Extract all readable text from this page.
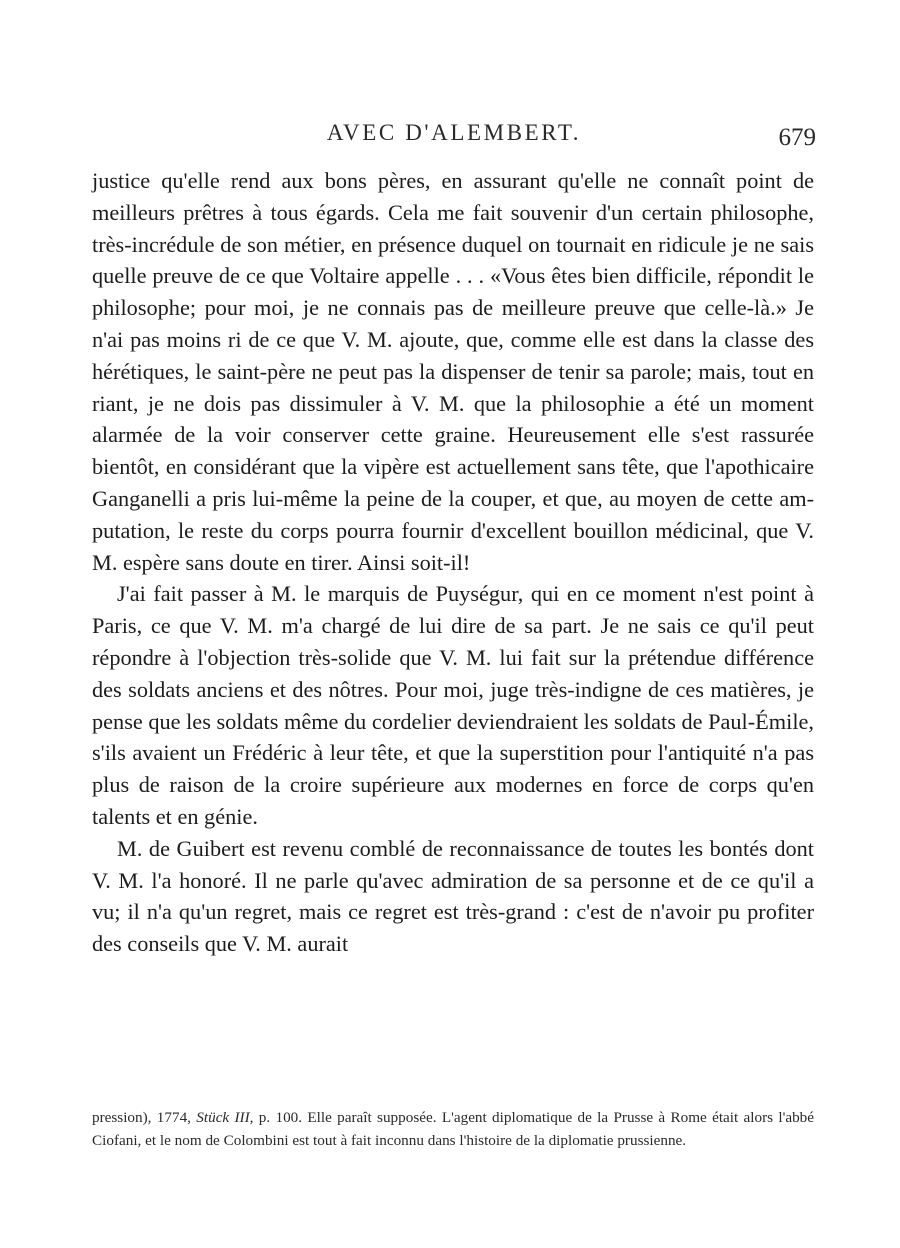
AVEC D'ALEMBERT.	679

justice qu'elle rend aux bons pères, en assurant qu'elle ne connaît point de meilleurs prêtres à tous égards. Cela me fait souvenir d'un certain philosophe, très-incrédule de son métier, en présence duquel on tournait en ridicule je ne sais quelle preuve de ce que Voltaire appelle . . . «Vous êtes bien difficile, répondit le philosophe; pour moi, je ne connais pas de meilleure preuve que celle-là.» Je n'ai pas moins ri de ce que V. M. ajoute, que, comme elle est dans la classe des hérétiques, le saint-père ne peut pas la dispenser de tenir sa parole; mais, tout en riant, je ne dois pas dissimuler à V. M. que la philosophie a été un moment alarmée de la voir conserver cette graine. Heureusement elle s'est rassurée bientôt, en considérant que la vipère est actuellement sans tête, que l'apothicaire Ganganelli a pris lui-même la peine de la couper, et que, au moyen de cette amputation, le reste du corps pourra fournir d'excellent bouillon médicinal, que V. M. espère sans doute en tirer. Ainsi soit-il!

J'ai fait passer à M. le marquis de Puységur, qui en ce moment n'est point à Paris, ce que V. M. m'a chargé de lui dire de sa part. Je ne sais ce qu'il peut répondre à l'objection très-solide que V. M. lui fait sur la prétendue différence des soldats anciens et des nôtres. Pour moi, juge très-indigne de ces matières, je pense que les soldats même du cordelier deviendraient les soldats de Paul-Émile, s'ils avaient un Frédéric à leur tête, et que la superstition pour l'antiquité n'a pas plus de raison de la croire supérieure aux modernes en force de corps qu'en talents et en génie.

M. de Guibert est revenu comblé de reconnaissance de toutes les bontés dont V. M. l'a honoré. Il ne parle qu'avec admiration de sa personne et de ce qu'il a vu; il n'a qu'un regret, mais ce regret est très-grand : c'est de n'avoir pu profiter des conseils que V. M. aurait

pression), 1774, Stück III, p. 100. Elle paraît supposée. L'agent diplomatique de la Prusse à Rome était alors l'abbé Ciofani, et le nom de Colombini est tout à fait inconnu dans l'histoire de la diplomatie prussienne.
